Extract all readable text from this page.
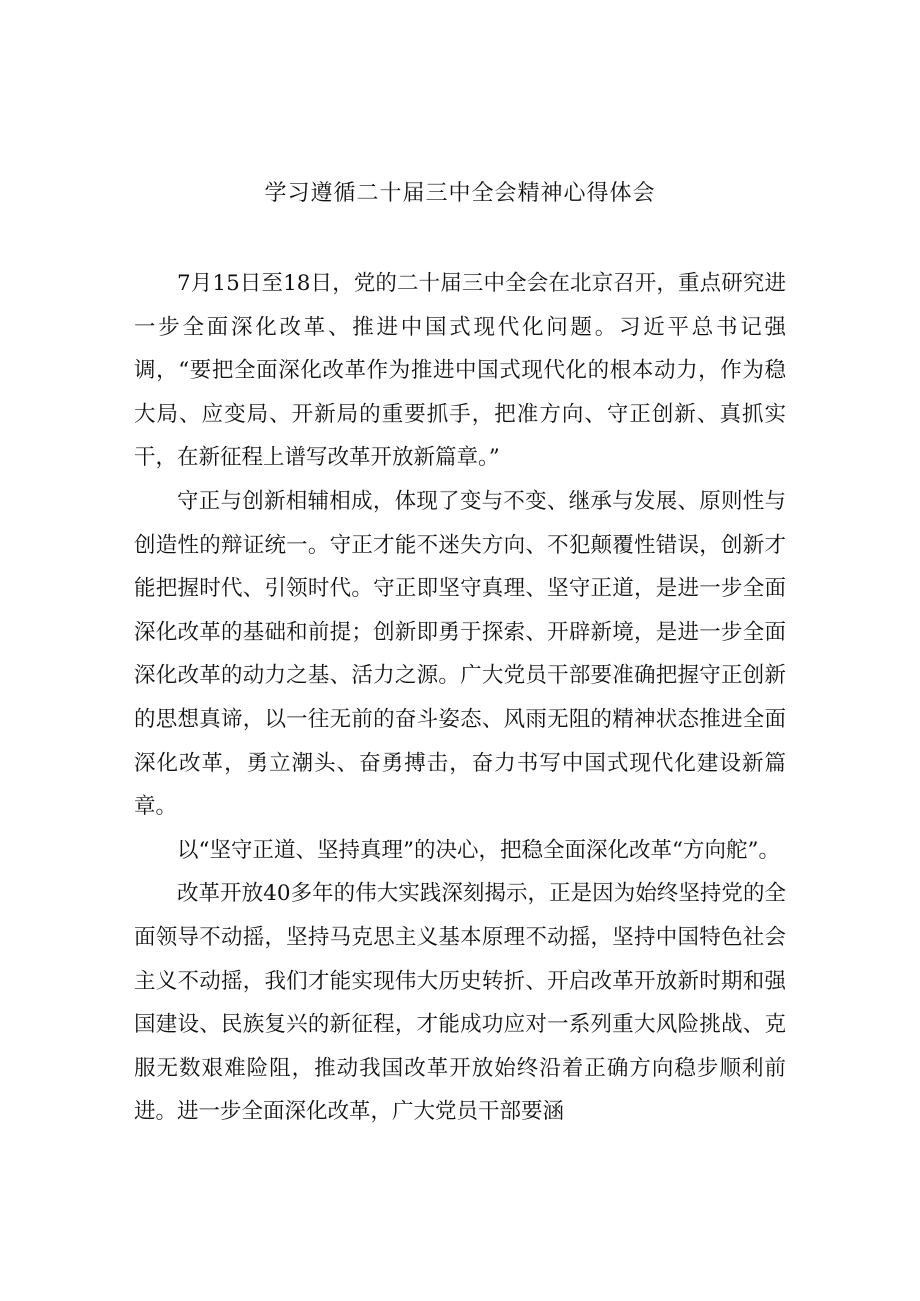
学习遵循二十届三中全会精神心得体会

7月15日至18日，党的二十届三中全会在北京召开，重点研究进一步全面深化改革、推进中国式现代化问题。习近平总书记强调，“要把全面深化改革作为推进中国式现代化的根本动力，作为稳大局、应变局、开新局的重要抓手，把准方向、守正创新、真抓实干，在新征程上谱写改革开放新篇章。”

守正与创新相辅相成，体现了变与不变、继承与发展、原则性与创造性的辩证统一。守正才能不迷失方向、不犯颠覆性错误，创新才能把握时代、引领时代。守正即坚守真理、坚守正道，是进一步全面深化改革的基础和前提；创新即勇于探索、开辟新境，是进一步全面深化改革的动力之基、活力之源。广大党员干部要准确把握守正创新的思想真谛，以一往无前的奋斗姿态、风雨无阻的精神状态推进全面深化改革，勇立潮头、奋勇搏击，奋力书写中国式现代化建设新篇章。

以“坚守正道、坚持真理”的决心，把稳全面深化改革“方向舵”。

改革开放40多年的伟大实践深刻揭示，正是因为始终坚持党的全面领导不动摇，坚持马克思主义基本原理不动摇，坚持中国特色社会主义不动摇，我们才能实现伟大历史转折、开启改革开放新时期和强国建设、民族复兴的新征程，才能成功应对一系列重大风险挑战、克服无数艰难险阻，推动我国改革开放始终沿着正确方向稳步顺利前进。进一步全面深化改革，广大党员干部要涵
